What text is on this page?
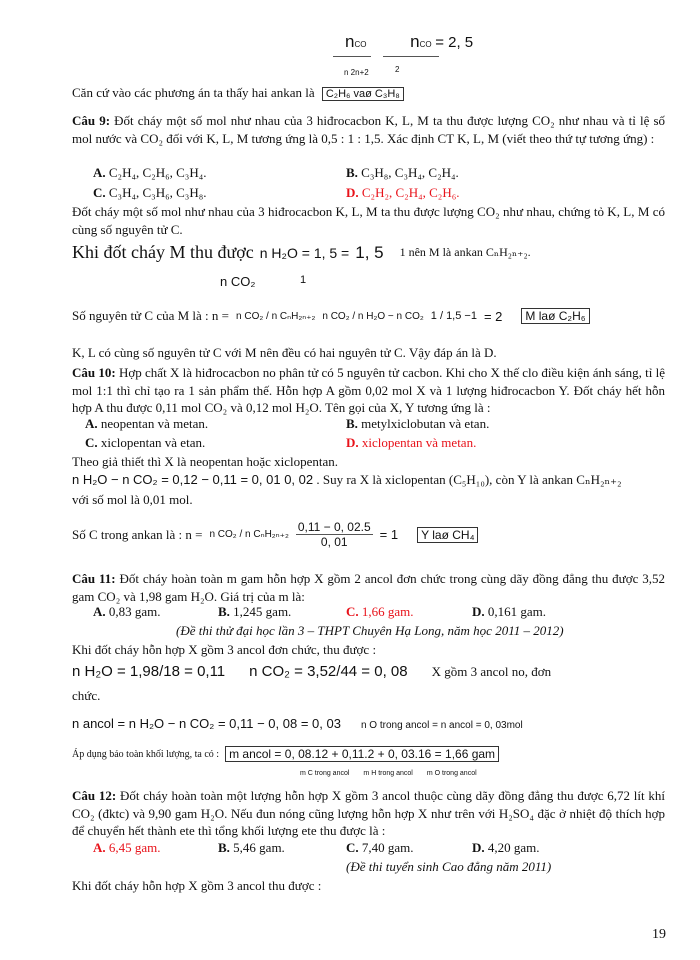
nCO	nCO = 2, 5
n 2n+2	2
Căn cứ vào các phương án ta thấy hai ankan là C₂H₆ vaø C₃H₈
Câu 9: Đốt cháy một số mol như nhau của 3 hiđrocacbon K, L, M ta thu được lượng CO₂ như nhau và tỉ lệ số mol nước và CO₂ đối với K, L, M tương ứng là 0,5 : 1 : 1,5. Xác định CT K, L, M (viết theo thứ tự tương ứng) :
A. C₂H₄, C₂H₆, C₃H₄.	B. C₃H₈, C₃H₄, C₂H₄.
C. C₃H₄, C₃H₆, C₃H₈.	D. C₂H₂, C₂H₄, C₂H₆.
Đốt cháy một số mol như nhau của 3 hiđrocacbon K, L, M ta thu được lượng CO₂ như nhau, chứng tỏ K, L, M có cùng số nguyên tử C.
Khi đốt cháy M thu được n H₂O = 1, 5 = 1, 5 1 nên M là ankan CₙH₂ₙ₊₂.
n CO₂	1
Số nguyên tử C của M là : n = n CO₂ / n CₙH₂ₙ₊₂ n CO₂ / n H₂O − n CO₂ 1 / 1,5 −1 = 2	M laø C₂H₆
K, L có cùng số nguyên tử C với M nên đều có hai nguyên tử C. Vậy đáp án là D.
Câu 10: Hợp chất X là hiđrocacbon no phân tử có 5 nguyên tử cacbon. Khi cho X thế clo điều kiện ánh sáng, tỉ lệ mol 1:1 thì chỉ tạo ra 1 sản phẩm thế. Hỗn hợp A gồm 0,02 mol X và 1 lượng hiđrocacbon Y. Đốt cháy hết hỗn hợp A thu được 0,11 mol CO₂ và 0,12 mol H₂O. Tên gọi của X, Y tương ứng là :
A. neopentan và metan.	B. metylxiclobutan và etan.
C. xiclopentan và etan.	D. xiclopentan và metan.
Theo giả thiết thì X là neopentan hoặc xiclopentan.
n H₂O − n CO₂ = 0,12 − 0,11 = 0, 01 0, 02 . Suy ra X là xiclopentan (C₅H₁₀), còn Y là ankan CₙH₂ₙ₊₂
với số mol là 0,01 mol.
Số C trong ankan là : n = n CO₂ / n $C_nH_{2n+2} \frac{0,11 - 0, 02.5}{0, 01} = 1$	Y laø CH₄
Câu 11: Đốt cháy hoàn toàn m gam hỗn hợp X gồm 2 ancol đơn chức trong cùng dãy đồng đẳng thu được 3,52 gam CO₂ và 1,98 gam H₂O. Giá trị của m là:
A. 0,83 gam.	B. 1,245 gam.	C. 1,66 gam.	D. 0,161 gam.
(Đề thi thử đại học lần 3 – THPT Chuyên Hạ Long, năm học 2011 – 2012)
Khi đốt cháy hỗn hợp X gồm 3 ancol đơn chức, thu được :
n H₂O = 1,98/18 = 0,11 n CO₂ = 3,52/44 = 0, 08 X gồm 3 ancol no, đơn
chức.
n ancol = n H₂O − n CO₂ = 0,11 − 0, 08 = 0, 03 n O trong ancol = n ancol = 0, 03mol
Áp dụng bảo toàn khối lượng, ta có : m ancol = 0, 08.12 + 0,11.2 + 0, 03.16 = 1,66 gam
m C trong ancol m H trong ancol m O trong ancol
Câu 12: Đốt cháy hoàn toàn một lượng hỗn hợp X gồm 3 ancol thuộc cùng dãy đồng đẳng thu được 6,72 lít khí CO₂ (đktc) và 9,90 gam H₂O. Nếu đun nóng cũng lượng hỗn hợp X như trên với H₂SO₄ đặc ở nhiệt độ thích hợp để chuyển hết thành ete thì tổng khối lượng ete thu được là :
A. 6,45 gam.	B. 5,46 gam.	C. 7,40 gam.	D. 4,20 gam.
(Đề thi tuyển sinh Cao đẳng năm 2011)
Khi đốt cháy hỗn hợp X gồm 3 ancol thu được :
19
